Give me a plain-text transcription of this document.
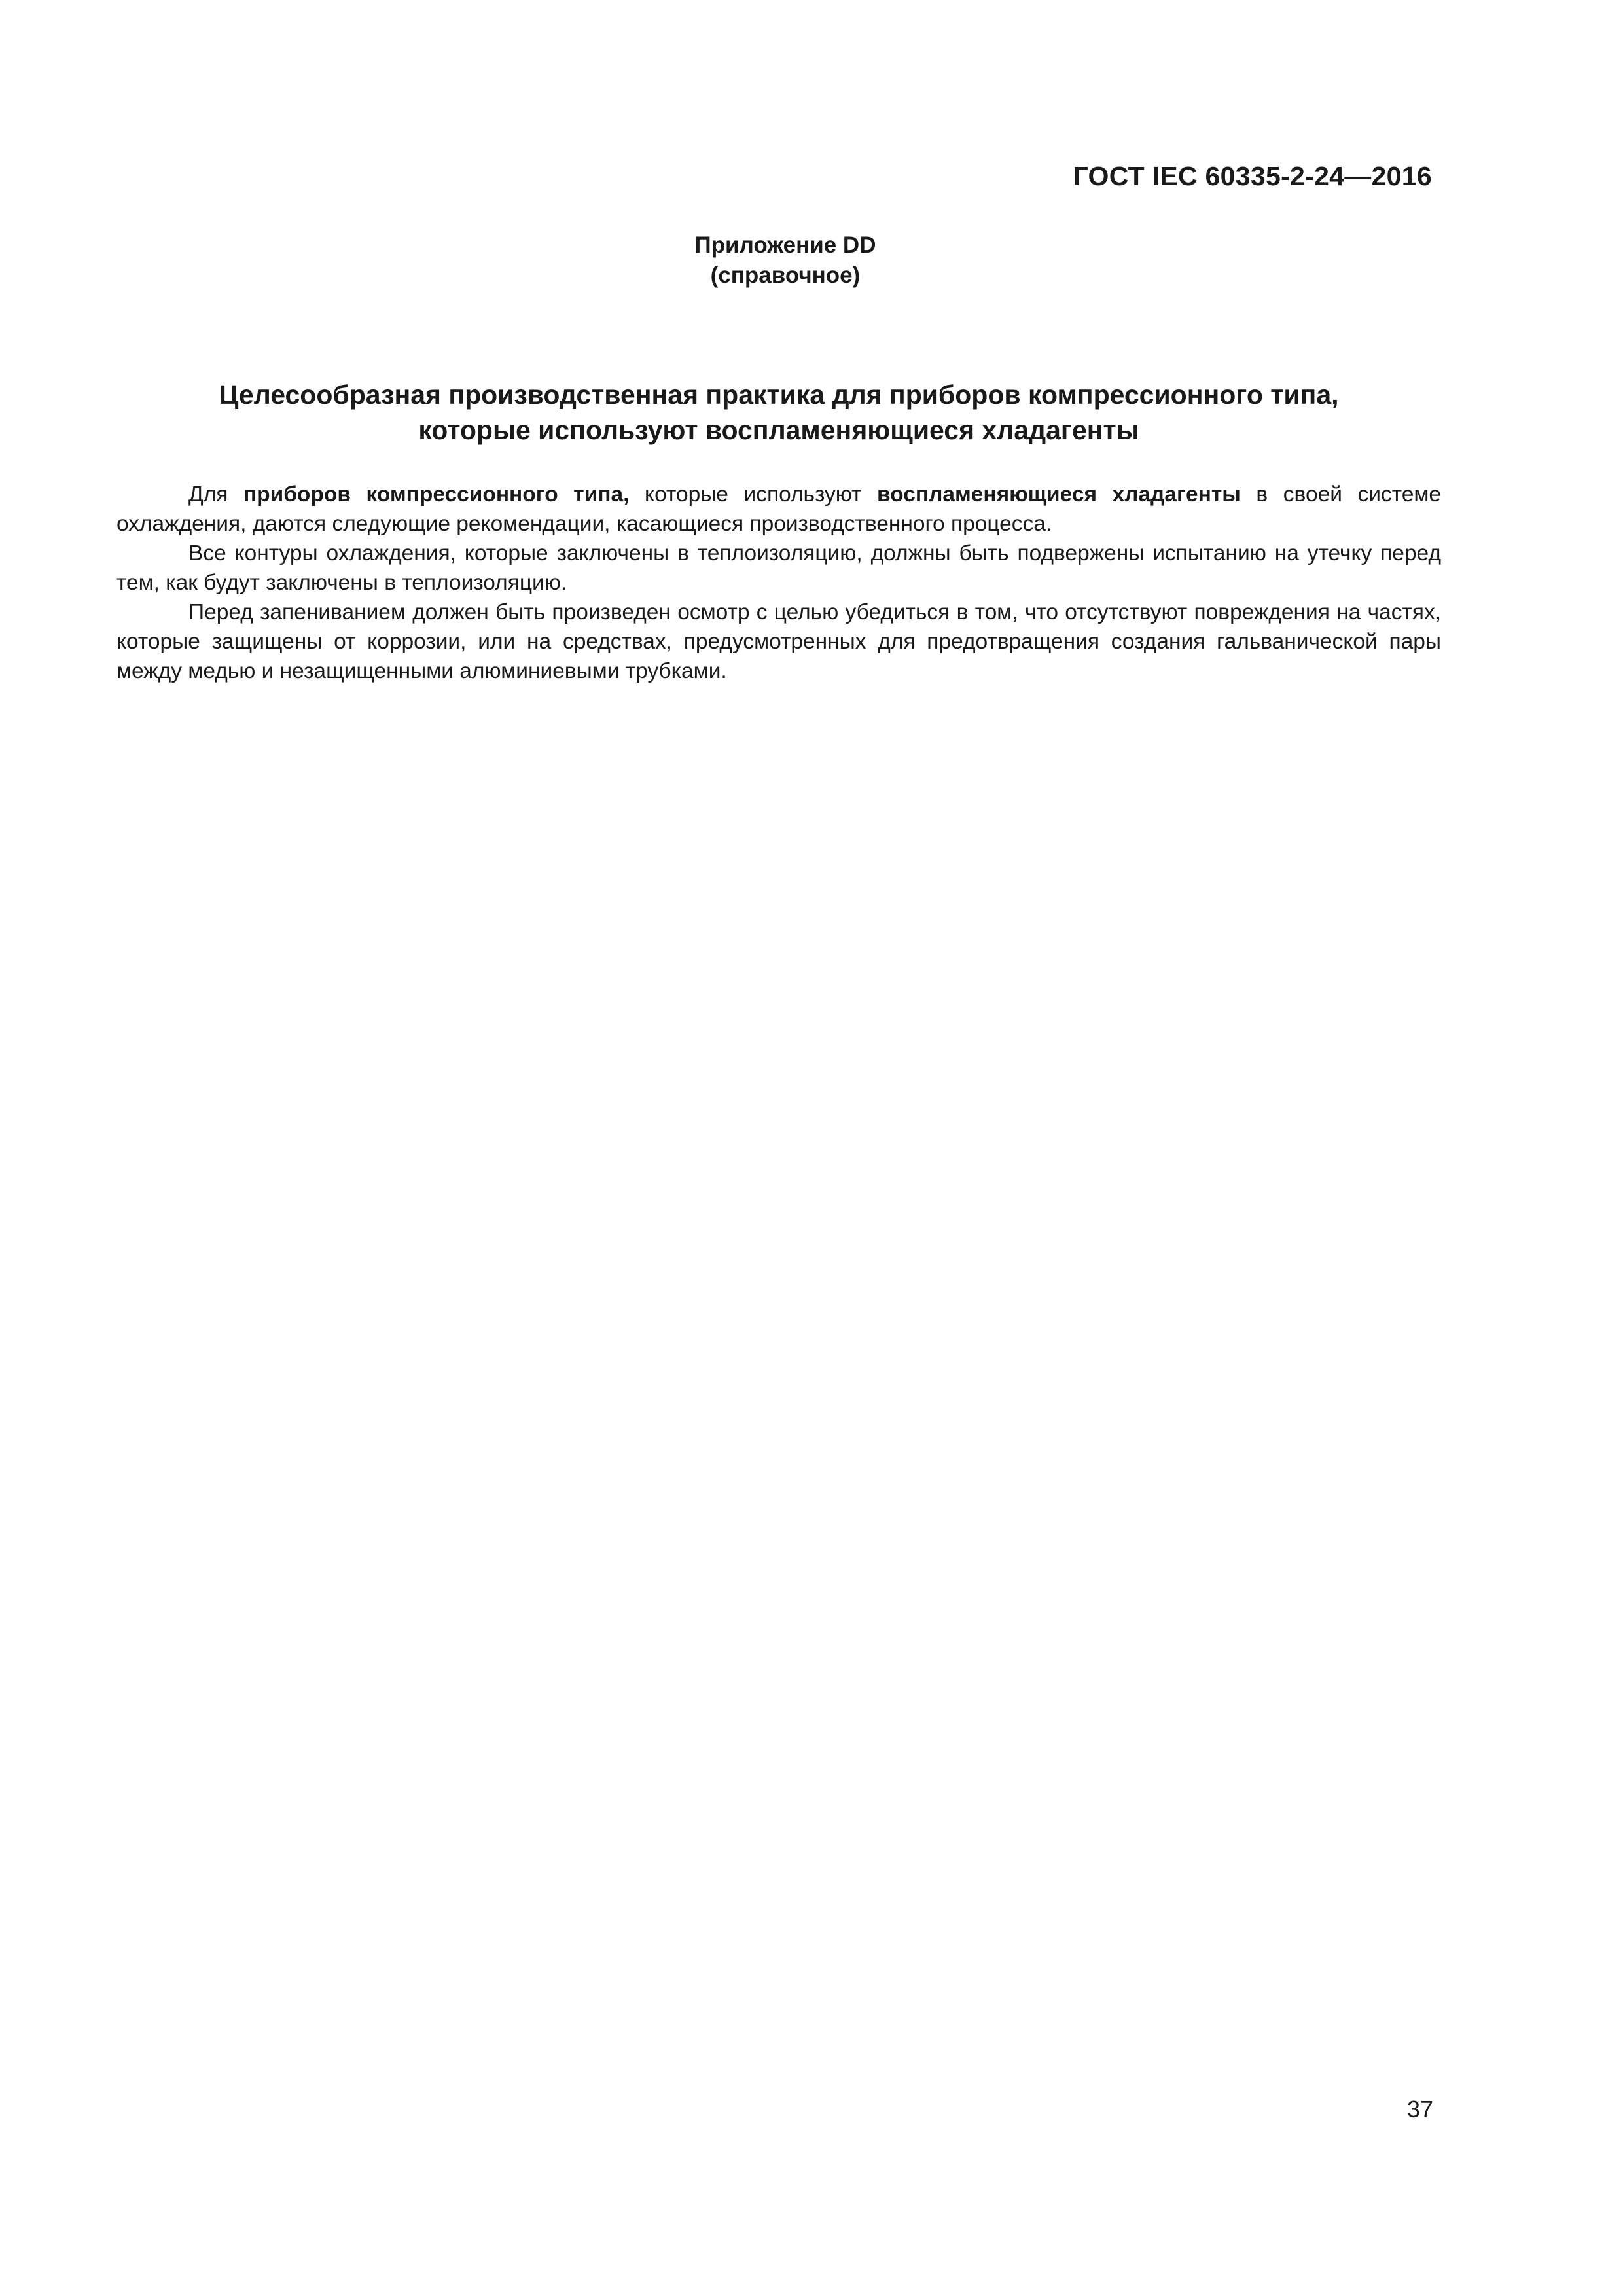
ГОСТ IEC 60335-2-24—2016
Приложение DD
(справочное)
Целесообразная производственная практика для приборов компрессионного типа,
которые используют воспламеняющиеся хладагенты

Для приборов компрессионного типа, которые используют воспламеняющиеся хладагенты в своей системе охлаждения, даются следующие рекомендации, касающиеся производственного процесса.

Все контуры охлаждения, которые заключены в теплоизоляцию, должны быть подвержены испытанию на утечку перед тем, как будут заключены в теплоизоляцию.

Перед запениванием должен быть произведен осмотр с целью убедиться в том, что отсутствуют повреждения на частях, которые защищены от коррозии, или на средствах, предусмотренных для предотвращения создания гальванической пары между медью и незащищенными алюминиевыми трубками.

37
